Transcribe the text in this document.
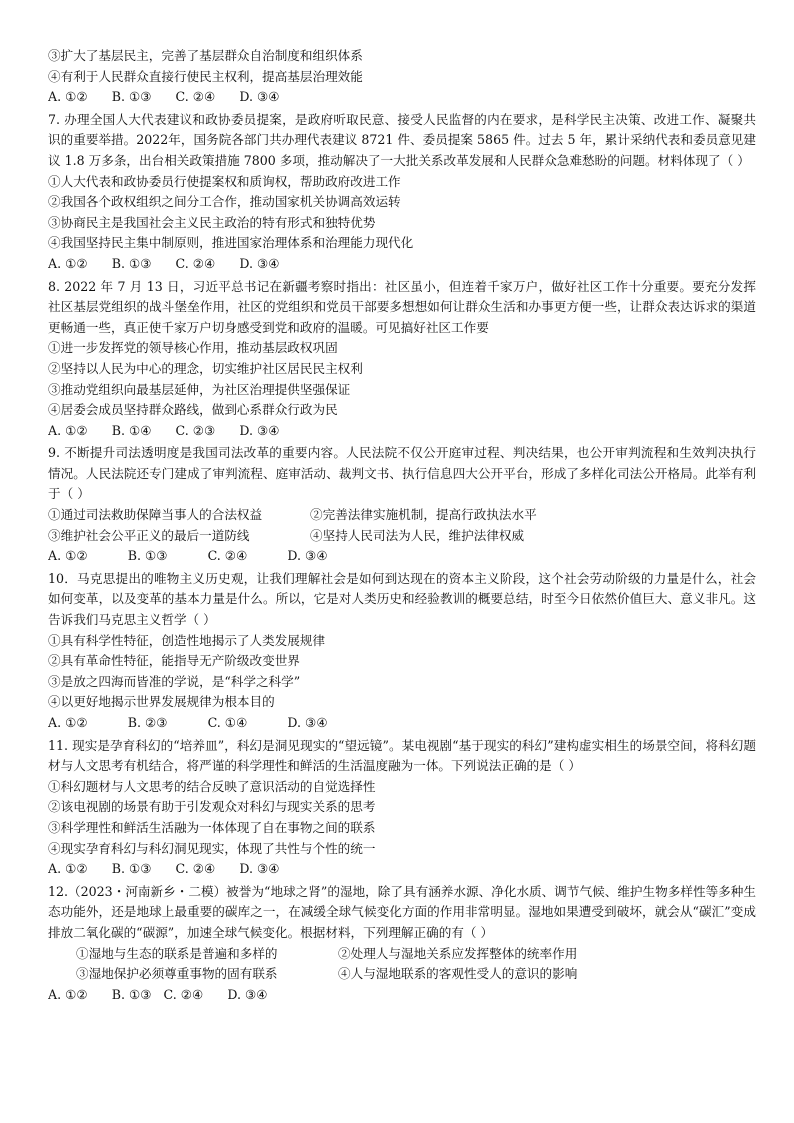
③扩大了基层民主，完善了基层群众自治制度和组织体系
④有利于人民群众直接行使民主权利，提高基层治理效能
A. ①②      B. ①③      C. ②④      D. ③④
7. 办理全国人大代表建议和政协委员提案，是政府听取民意、接受人民监督的内在要求，是科学民主决策、改进工作、凝聚共识的重要举措。2022年，国务院各部门共办理代表建议 8721 件、委员提案 5865 件。过去 5 年，累计采纳代表和委员意见建议 1.8 万多条，出台相关政策措施 7800 多项，推动解决了一大批关系改革发展和人民群众急难愁盼的问题。材料体现了（ ）
①人大代表和政协委员行使提案权和质询权，帮助政府改进工作
②我国各个政权组织之间分工合作，推动国家机关协调高效运转
③协商民主是我国社会主义民主政治的特有形式和独特优势
④我国坚持民主集中制原则，推进国家治理体系和治理能力现代化
A. ①②      B. ①③      C. ②④      D. ③④
8. 2022 年 7 月 13 日，习近平总书记在新疆考察时指出：社区虽小，但连着千家万户，做好社区工作十分重要。要充分发挥社区基层党组织的战斗堡垒作用，社区的党组织和党员干部要多想想如何让群众生活和办事更方便一些，让群众表达诉求的渠道更畅通一些，真正使千家万户切身感受到党和政府的温暖。可见搞好社区工作要
①进一步发挥党的领导核心作用，推动基层政权巩固
②坚持以人民为中心的理念，切实维护社区居民民主权利
③推动党组织向最基层延伸，为社区治理提供坚强保证
④居委会成员坚持群众路线，做到心系群众行政为民
A. ①②      B. ①④      C. ②③      D. ③④
9. 不断提升司法透明度是我国司法改革的重要内容。人民法院不仅公开庭审过程、判决结果，也公开审判流程和生效判决执行情况。人民法院还专门建成了审判流程、庭审活动、裁判文书、执行信息四大公开平台，形成了多样化司法公开格局。此举有利于（ ）
①通过司法救助保障当事人的合法权益	②完善法律实施机制，提高行政执法水平
③维护社会公平正义的最后一道防线	④坚持人民司法为人民，维护法律权威
A. ①②          B. ①③          C. ②④          D. ③④
10．马克思提出的唯物主义历史观，让我们理解社会是如何到达现在的资本主义阶段，这个社会劳动阶级的力量是什么，社会如何变革，以及变革的基本力量是什么。所以，它是对人类历史和经验教训的概要总结，时至今日依然价值巨大、意义非凡。这告诉我们马克思主义哲学（ ）
①具有科学性特征，创造性地揭示了人类发展规律
②具有革命性特征，能指导无产阶级改变世界
③是放之四海而皆准的学说，是“科学之科学”
④以更好地揭示世界发展规律为根本目的
A. ①②          B. ②③          C. ①④          D. ③④
11. 现实是孕育科幻的“培养皿”，科幻是洞见现实的“望远镜”。某电视剧“基于现实的科幻”建构虚实相生的场景空间，将科幻题材与人文思考有机结合，将严谨的科学理性和鲜活的生活温度融为一体。下列说法正确的是（ ）
①科幻题材与人文思考的结合反映了意识活动的自觉选择性
②该电视剧的场景有助于引发观众对科幻与现实关系的思考
③科学理性和鲜活生活融为一体体现了自在事物之间的联系
④现实孕育科幻与科幻洞见现实，体现了共性与个性的统一
A. ①②      B. ①③      C. ②④      D. ③④
12.（2023・河南新乡・二模）被誉为“地球之肾”的湿地，除了具有涵养水源、净化水质、调节气候、维护生物多样性等多种生态功能外，还是地球上最重要的碳库之一，在减缓全球气候变化方面的作用非常明显。湿地如果遭受到破坏，就会从“碳汇”变成排放二氧化碳的“碳源”，加速全球气候变化。根据材料，下列理解正确的有（ ）
①湿地与生态的联系是普遍和多样的	②处理人与湿地关系应发挥整体的统率作用
③湿地保护必须尊重事物的固有联系	④人与湿地联系的客观性受人的意识的影响
A. ①②      B. ①③   C. ②④      D. ③④
